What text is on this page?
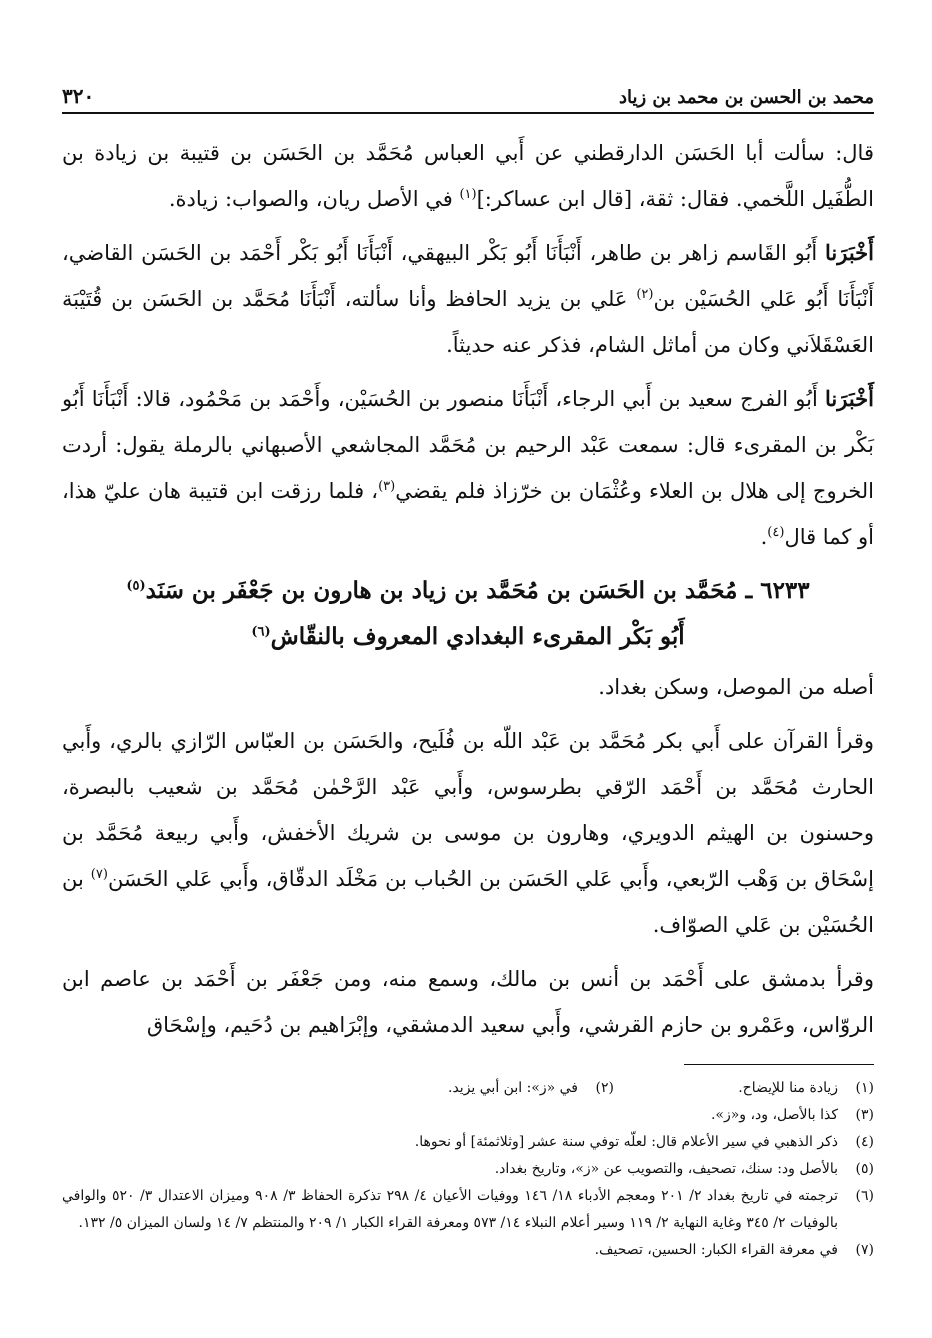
محمد بن الحسن بن محمد بن زياد
٣٢٠

قال: سألت أبا الحَسَن الدارقطني عن أَبي العباس مُحَمَّد بن الحَسَن بن قتيبة بن زيادة بن الطُّفَيل اللَّخمي. فقال: ثقة، [قال ابن عساكر:]$^{(١)}$ في الأصل ريان، والصواب: زيادة.

أَخْبَرَنا أَبُو القَاسم زاهر بن طاهر، أَنْبَأَنَا أَبُو بَكْر البيهقي، أَنْبَأَنَا أَبُو بَكْر أَحْمَد بن الحَسَن القاضي، أَنْبَأَنَا أَبُو عَلي الحُسَيْن بن$^{(٢)}$ عَلي بن يزيد الحافظ وأنا سألته، أَنْبَأَنَا مُحَمَّد بن الحَسَن بن قُتَيْبَة العَسْقَلاَني وكان من أماثل الشام، فذكر عنه حديثاً.

أَخْبَرَنا أَبُو الفرج سعيد بن أَبي الرجاء، أَنْبَأَنَا منصور بن الحُسَيْن، وأَحْمَد بن مَحْمُود، قالا: أَنْبَأَنَا أَبُو بَكْر بن المقرىء قال: سمعت عَبْد الرحيم بن مُحَمَّد المجاشعي الأصبهاني بالرملة يقول: أردت الخروج إلى هلال بن العلاء وعُثْمَان بن خرّزاذ فلم يقضي$^{(٣)}$، فلما رزقت ابن قتيبة هان عليّ هذا، أو كما قال$^{(٤)}$.

٦٢٣٣ ـ مُحَمَّد بن الحَسَن بن مُحَمَّد بن زياد بن هارون بن جَعْفَر بن سَنَد$^{(٥)}$
أَبُو بَكْر المقرىء البغدادي المعروف بالنقّاش$^{(٦)}$

أصله من الموصل، وسكن بغداد.

وقرأ القرآن على أَبي بكر مُحَمَّد بن عَبْد اللّه بن فُلَيح، والحَسَن بن العبّاس الرّازي بالري، وأَبي الحارث مُحَمَّد بن أَحْمَد الرّقي بطرسوس، وأَبي عَبْد الرَّحْمٰن مُحَمَّد بن شعيب بالبصرة، وحسنون بن الهيثم الدويري، وهارون بن موسى بن شريك الأخفش، وأَبي ربيعة مُحَمَّد بن إسْحَاق بن وَهْب الرّبعي، وأَبي عَلي الحَسَن بن الحُباب بن مَخْلَد الدقّاق، وأَبي عَلي الحَسَن$^{(٧)}$ بن الحُسَيْن بن عَلي الصوّاف.

وقرأ بدمشق على أَحْمَد بن أنس بن مالك، وسمع منه، ومن جَعْفَر بن أَحْمَد بن عاصم ابن الروّاس، وعَمْرو بن حازم القرشي، وأَبي سعيد الدمشقي، وإبْرَاهيم بن دُحَيم، وإسْحَاق

(١)
زيادة منا للإيضاح.
(٢)
في «ز»: ابن أبي يزيد.
(٣)
كذا بالأصل، ود، و«ز».
(٤)
ذكر الذهبي في سير الأعلام قال: لعلّه توفي سنة عشر [وثلاثمئة] أو نحوها.
(٥)
بالأصل ود: سنك، تصحيف، والتصويب عن «ز»، وتاريخ بغداد.
(٦)
ترجمته في تاريخ بغداد ٢/ ٢٠١ ومعجم الأدباء ١٨/ ١٤٦ ووفيات الأعيان ٤/ ٢٩٨ تذكرة الحفاظ ٣/ ٩٠٨ وميزان الاعتدال ٣/ ٥٢٠ والوافي بالوفيات ٢/ ٣٤٥ وغاية النهاية ٢/ ١١٩ وسير أعلام النبلاء ١٤/ ٥٧٣ ومعرفة القراء الكبار ١/ ٢٠٩ والمنتظم ٧/ ١٤ ولسان الميزان ٥/ ١٣٢.
(٧)
في معرفة القراء الكبار: الحسين، تصحيف.
